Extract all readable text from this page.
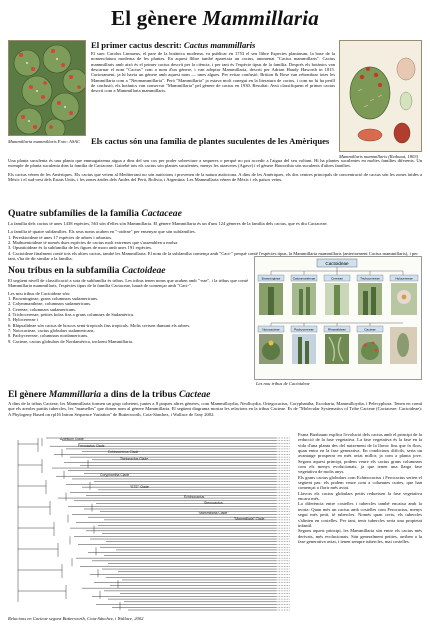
El gènere Mammillaria
Mammillaria mammillaris Foto: ASAC
El primer cactus descrit: Cactus mammillaris

El suec Carolus Linnaeus, el pare de la botànica moderna, va publicar en 1753 el seu llibre Especies plantarum, la base de la nomenclatura moderna de les plantes. En aquest llibre també apareixia un cactus, anomenat "Cactus mammillaris". Cactus mammillaris amb això és el primer cactus descrit per la ciència, i per tant és l'espècie tipus de la família. Després els botànics van descarnar el nom "Cactus" com a nom d'un gènere, i van adoptar Mammillaria, descrit per Adrian Haudy Haworth in 1815. Curiosament, ja hi havia un gènere amb aquest nom — unes algues. Per evitar confusió, Britton & Rose van rebombrar totes les Mammillaria com a "Neomammillaria". Però "Mammillaria" ja estava molt conegut en la literatura de cactus, i com no hi ha perill de confusió, els botànics van conservar "Mammillaria" pel gènere de cactus en 1930. Resultat: Avui classifiquem el primer cactus descrit com a Mammillaria mammillaris.

Mammillaris mammillaris (Redoaut, 1803)
Els cactus són una família de plantes suculentes de les Amèriques

Una planta suculenta és una planta que emmagatzema aigua a dins del seu cos per poder sobreviure a sequeres o perquè no pot accedir a l'aigua del seu voltant. Hi ha plantes suculentes en moltes famílies diferents. Un exemple de planta suculenta dins la família de Cactaceae. Gairebé tots els cactus són plantes suculentes, menys les atzaveres (Agave) i el gènere Haworthia són suculents d'altres famílies.

Els cactus vénen de les Amèriques. Els cactus que veiem al Mediterrani no són autòctons i provenen de la natura autòctona. A dins de les Amèriques, els dos centres principals de concentració de cactus són les zones àrides a Mèxic i el sud-oest dels Estats Units, i les zones àrides dels Andes del Perú, Bolívia, i Argentina. Les Mammillaria vénen de Mèxic i els països veïns.

Quatre subfamílies de la família Cactaceae

La família dels cactus té unes 1438 espècies, 563 són d'elles són Mammillaria. El gènere Mammillaria és un d'uns 124 gèneres de la família dels cactus, que es diu Cactaceae.

La família té quatre subfamílies. Els seus noms acaben en "-oideae" per ensenyar que són subfamílies.

1. Pereskioideae té unes 17 espècies de arbres i arbustos.
2. Maihuenioideae té només dues espècies de cactus molt extremes que s'assemblen a molsa.
3. Opuntioideae és la subfamília de les figues de moro amb unes 191 espècies.
4. Cactoideae finalment conté tots els altres cactus, també les Mammillaria. El nom de la subfamília comença amb "Cact-" perquè conté l'espècies tipus, la Mammillaria mammillaris (anteriorment Cactus mammillaris), i per tant, s'ha de dir similar a la família.
Nou tribus en la subfamília Cactoideae

El segúent nivell de classificació a sota de subfamília és tribus. Les tribus tenen noms que acaben amb "-eae", i la tribus que conté Mammillaria mammillaris, l'espècies tipus de la família Cactaceae, haurà de començar amb "Cact-".

Les nou tribus de Cactoideae són:

1. Browningieae, grans columnars sudamericans.
2. Calymmantheae, columnars sudamericans.
3. Cereeae, columnars sudamericans.
4. Trichocereeae, petites bolas fins a grans columnes de Sudamèrica.
5. Hylocereeae i
6. Rhipsalideae són cactus de boscos semi-tropicals fins tropicals. Molts creixen damunt els arbres.
7. Notocacteae, cactus globulars sudamericans.
8. Pachycereeae, columnars nordamericans.
9. Cacteae, cactus globulars de Nordamèrica, incloent Mammillaria.
Cactoideae
Browningieae	Calymmantheae	Cereeae	Trichocereeae	Hylocereeae
Notocacteae	Pachycereeae	Rhipsalideae	Cacteae
Les nou tribus de Cactoideae
El gènere Mammillaria a dins de la tribus Cacteae

A dins de la tribus Cacteae, les Mammillaria formen un grup coherent, juntes a 8 poques altres gèneres, com Mammilloydia, Neolloydia, Ortegocactus, Coryphantha, Escobaria, Mammilloydia, i Pelecyphora. Tenen en comú que els areoles partits tubercles, les "mamelles" que donen nom al gènere Mammillaria. El següent diagrama mostra les relacions en la tribus Cacteae. Es de "Molecular Systematics of Tribe Cacteae (Cactaceae: Cactoideae): A Phylogeny Based on rpl16 Intron Sequence Variation" de Butterworth, Cota-Sánchez, i Wallace de l'any 2002.

Aztekium Clade
Ferocactus Clade
Echinocereus Clade
Thelocactus Clade
Coryphantha Clade
"ETE" Clade
Echinocactus
Stenocactus
"Mammillaria Clade"
"Mammillaria" Clade
Relacions en Cacteae segons Butterworth, Cota-Sánchez, i Wallace, 2002

Franz Buxbaum explica l'evolució dels cactus amb el principi de la reducció de la fase vegetativa. La fase vegetativa és la fase en la vida d'una planta des del naixement de la llavor fins que fa flors, quan entra en la fase generativa. En condicions difícils, seria un avantatge prosperar en més aviat millor, ja com a planta jove. Segons aquest principi, podem veure els cactus grans columnars com els menys evolucionats, ja que tenen una llarga fase vegetativa de molts anys.

Els grans cactus globulars com Echinocactus i Ferocactus serien el següent pas: els podem veure com a columnes curtes, que han començat a florir més aviat.

Llavors els cactus globulars petits redueixen la fase vegetativa encara més.

La diferència entre costelles i tubercles també encaixa amb la teoria: Quan més un cactus amb costelles com Ferocactus, menys segui més petit, té tubercles. Només quan creix, els tubercles s'alinien en costelles. Per tant, tenir tubercles seria una propietat infantil.

Segons aquest principi, les Mammillaria són entre els cactus més derivats, més evolucionats. Són generalment petites, arriben a la fase generativa aviat, i tenen sempre tubercles, mai costelles.
